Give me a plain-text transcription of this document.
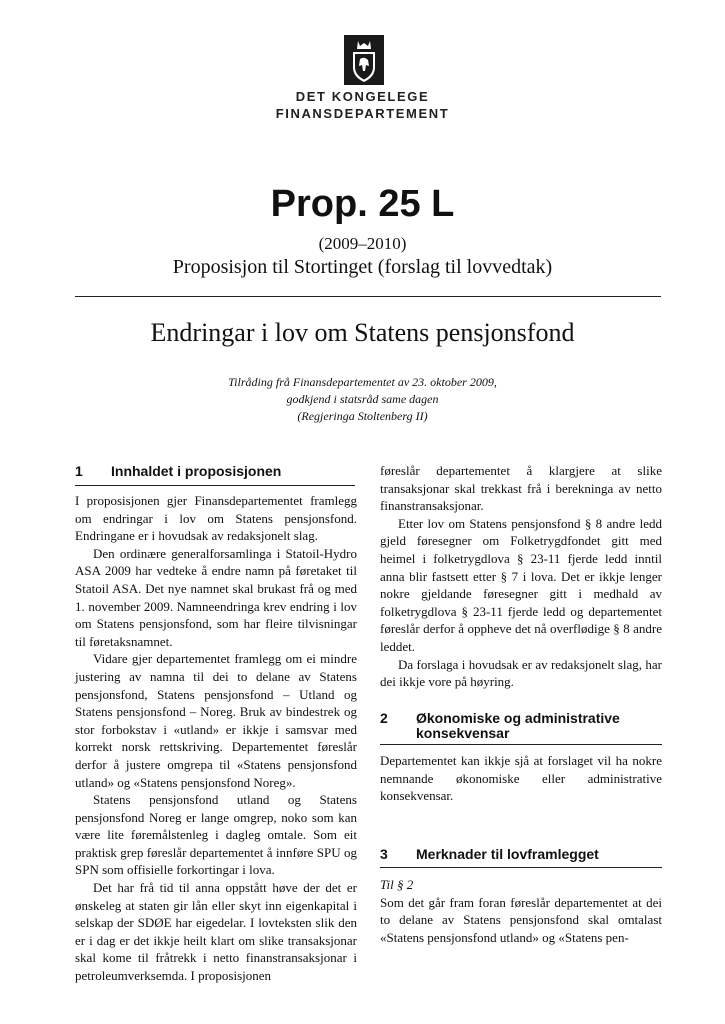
DET KONGELEGE
FINANSDEPARTEMENT
Prop. 25 L
(2009–2010)
Proposisjon til Stortinget (forslag til lovvedtak)
Endringar i lov om Statens pensjonsfond
Tilråding frå Finansdepartementet av 23. oktober 2009,
godkjend i statsråd same dagen
(Regjeringa Stoltenberg II)
1 Innhaldet i proposisjonen

I proposisjonen gjer Finansdepartementet framlegg om endringar i lov om Statens pensjonsfond. Endringane er i hovudsak av redaksjonelt slag.

Den ordinære generalforsamlinga i Statoil-Hydro ASA 2009 har vedteke å endre namn på føretaket til Statoil ASA. Det nye namnet skal brukast frå og med 1. november 2009. Namneendringa krev endring i lov om Statens pensjonsfond, som har fleire tilvisningar til føretaksnamnet.

Vidare gjer departementet framlegg om ei mindre justering av namna til dei to delane av Statens pensjonsfond, Statens pensjonsfond – Utland og Statens pensjonsfond – Noreg. Bruk av bindestrek og stor forbokstav i «utland» er ikkje i samsvar med korrekt norsk rettskriving. Departementet føreslår derfor å justere omgrepa til «Statens pensjonsfond utland» og «Statens pensjonsfond Noreg».

Statens pensjonsfond utland og Statens pensjonsfond Noreg er lange omgrep, noko som kan være lite føremålstenleg i dagleg omtale. Som eit praktisk grep føreslår departementet å innføre SPU og SPN som offisielle forkortingar i lova.

Det har frå tid til anna oppstått høve der det er ønskeleg at staten gir lån eller skyt inn eigenkapital i selskap der SDØE har eigedelar. I lovteksten slik den er i dag er det ikkje heilt klart om slike transaksjonar skal kome til fråtrekk i netto finanstransaksjonar i petroleumverksemda. I proposisjonen

føreslår departementet å klargjere at slike transaksjonar skal trekkast frå i berekninga av netto finanstransaksjonar.

Etter lov om Statens pensjonsfond § 8 andre ledd gjeld føresegner om Folketrygdfondet gitt med heimel i folketrygdlova § 23-11 fjerde ledd inntil anna blir fastsett etter § 7 i lova. Det er ikkje lenger nokre gjeldande føresegner gitt i medhald av folketrygdlova § 23-11 fjerde ledd og departementet føreslår derfor å oppheve det nå overflødige § 8 andre leddet.

Da forslaga i hovudsak er av redaksjonelt slag, har dei ikkje vore på høyring.

2 Økonomiske og administrative
konsekvensar

Departementet kan ikkje sjå at forslaget vil ha nokre nemnande økonomiske eller administrative konsekvensar.

3 Merknader til lovframlegget

Til § 2

Som det går fram foran føreslår departementet at dei to delane av Statens pensjonsfond skal omtalast «Statens pensjonsfond utland» og «Statens pen-
